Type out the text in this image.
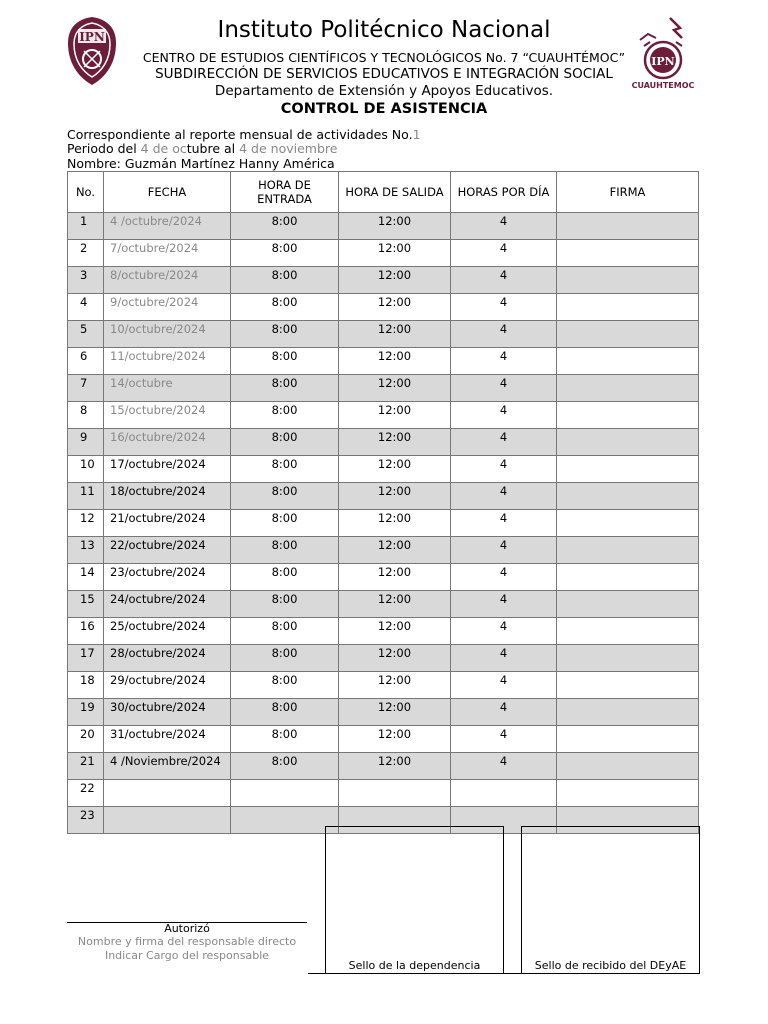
IPN
IPN
CUAUHTEMOC
Instituto Politécnico Nacional
CENTRO DE ESTUDIOS CIENTÍFICOS Y TECNOLÓGICOS No. 7 “CUAUHTÉMOC”
SUBDIRECCIÓN DE SERVICIOS EDUCATIVOS E INTEGRACIÓN SOCIAL
Departamento de Extensión y Apoyos Educativos.
CONTROL DE ASISTENCIA
Correspondiente al reporte mensual de actividades No.1
Periodo del 4 de octubre al 4 de noviembre
Nombre: Guzmán Martínez Hanny América
No.	FECHA	HORA DE ENTRADA	HORA DE SALIDA	HORAS POR DÍA	FIRMA
1	4 /octubre/2024	8:00	12:00	4	
2	7/octubre/2024	8:00	12:00	4	
3	8/octubre/2024	8:00	12:00	4	
4	9/octubre/2024	8:00	12:00	4	
5	10/octubre/2024	8:00	12:00	4	
6	11/octubre/2024	8:00	12:00	4	
7	14/octubre	8:00	12:00	4	
8	15/octubre/2024	8:00	12:00	4	
9	16/octubre/2024	8:00	12:00	4	
10	17/octubre/2024	8:00	12:00	4	
11	18/octubre/2024	8:00	12:00	4	
12	21/octubre/2024	8:00	12:00	4	
13	22/octubre/2024	8:00	12:00	4	
14	23/octubre/2024	8:00	12:00	4	
15	24/octubre/2024	8:00	12:00	4	
16	25/octubre/2024	8:00	12:00	4	
17	28/octubre/2024	8:00	12:00	4	
18	29/octubre/2024	8:00	12:00	4	
19	30/octubre/2024	8:00	12:00	4	
20	31/octubre/2024	8:00	12:00	4	
21	4 /Noviembre/2024	8:00	12:00	4	
22					
23					
Autorizó
Nombre y firma del responsable directo
Indicar Cargo del responsable
Sello de la dependencia	Sello de recibido del DEyAE
